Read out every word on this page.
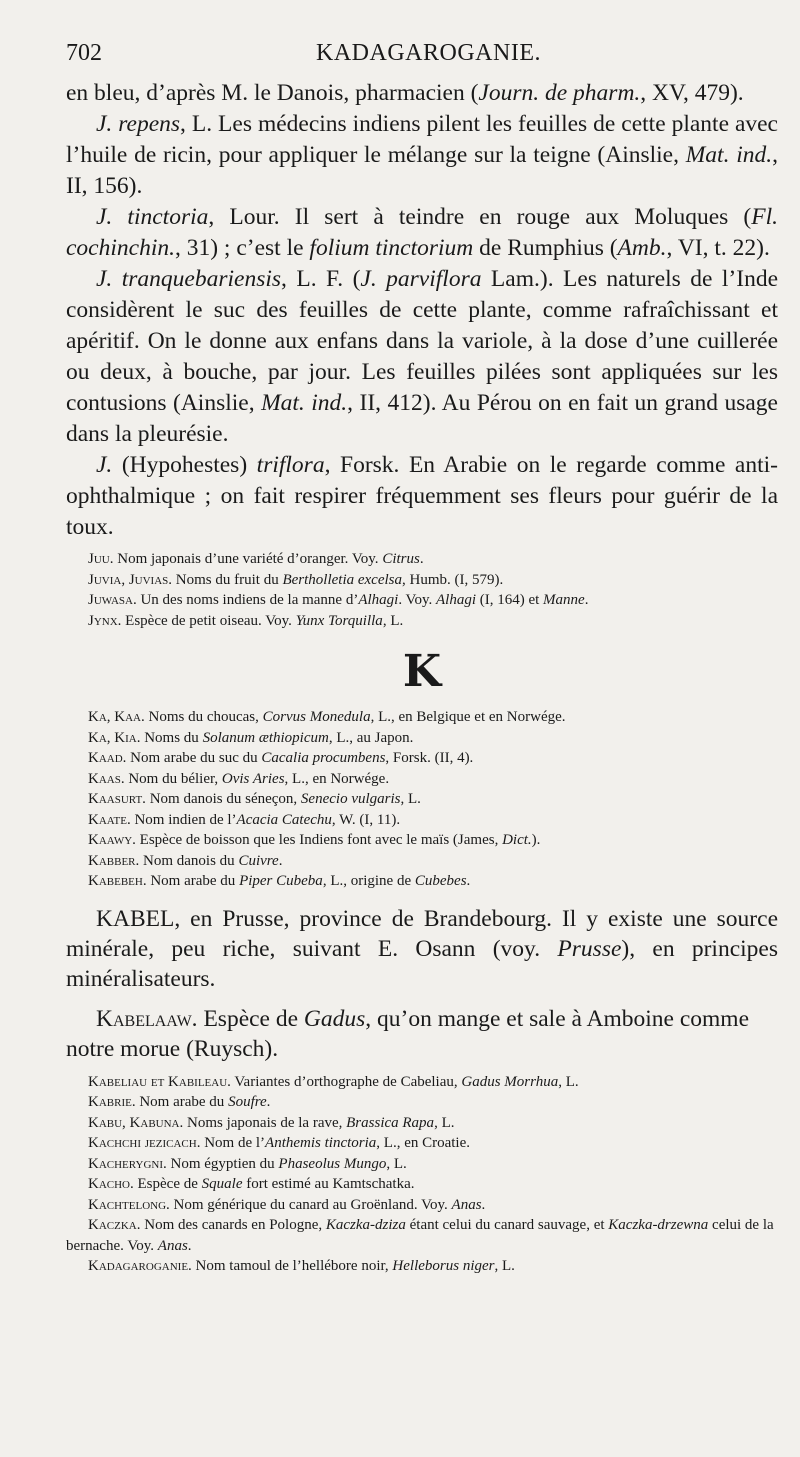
702	KADAGAROGANIE.

en bleu, d’après M. le Danois, pharmacien (Journ. de pharm., XV, 479).

J. repens, L. Les médecins indiens pilent les feuilles de cette plante avec l’huile de ricin, pour appliquer le mélange sur la teigne (Ainslie, Mat. ind., II, 156).

J. tinctoria, Lour. Il sert à teindre en rouge aux Moluques (Fl. cochinchin., 31) ; c’est le folium tinctorium de Rumphius (Amb., VI, t. 22).

J. tranquebariensis, L. F. (J. parviflora Lam.). Les naturels de l’Inde considèrent le suc des feuilles de cette plante, comme rafraîchissant et apéritif. On le donne aux enfans dans la variole, à la dose d’une cuillerée ou deux, à bouche, par jour. Les feuilles pilées sont appliquées sur les contusions (Ainslie, Mat. ind., II, 412). Au Pérou on en fait un grand usage dans la pleurésie.

J. (Hypohestes) triflora, Forsk. En Arabie on le regarde comme anti-ophthalmique ; on fait respirer fréquemment ses fleurs pour guérir de la toux.

Juu. Nom japonais d’une variété d’oranger. Voy. Citrus.

Juvia, Juvias. Noms du fruit du Bertholletia excelsa, Humb. (I, 579).

Juwasa. Un des noms indiens de la manne d’Alhagi. Voy. Alhagi (I, 164) et Manne.

Jynx. Espèce de petit oiseau. Voy. Yunx Torquilla, L.

K

Ka, Kaa. Noms du choucas, Corvus Monedula, L., en Belgique et en Norwége.

Ka, Kia. Noms du Solanum æthiopicum, L., au Japon.

Kaad. Nom arabe du suc du Cacalia procumbens, Forsk. (II, 4).

Kaas. Nom du bélier, Ovis Aries, L., en Norwége.

Kaasurt. Nom danois du séneçon, Senecio vulgaris, L.

Kaate. Nom indien de l’Acacia Catechu, W. (I, 11).

Kaawy. Espèce de boisson que les Indiens font avec le maïs (James, Dict.).

Kabber. Nom danois du Cuivre.

Kabebeh. Nom arabe du Piper Cubeba, L., origine de Cubebes.

KABEL, en Prusse, province de Brandebourg. Il y existe une source minérale, peu riche, suivant E. Osann (voy. Prusse), en principes minéralisateurs.

Kabelaaw. Espèce de Gadus, qu’on mange et sale à Amboine comme notre morue (Ruysch).

Kabeliau et Kabileau. Variantes d’orthographe de Cabeliau, Gadus Morrhua, L.

Kabrie. Nom arabe du Soufre.

Kabu, Kabuna. Noms japonais de la rave, Brassica Rapa, L.

Kachchi jezicach. Nom de l’Anthemis tinctoria, L., en Croatie.

Kacherygni. Nom égyptien du Phaseolus Mungo, L.

Kacho. Espèce de Squale fort estimé au Kamtschatka.

Kachtelong. Nom générique du canard au Groënland. Voy. Anas.

Kaczka. Nom des canards en Pologne, Kaczka-dziza étant celui du canard sauvage, et Kaczka-drzewna celui de la bernache. Voy. Anas.

Kadagaroganie. Nom tamoul de l’hellébore noir, Helleborus niger, L.
